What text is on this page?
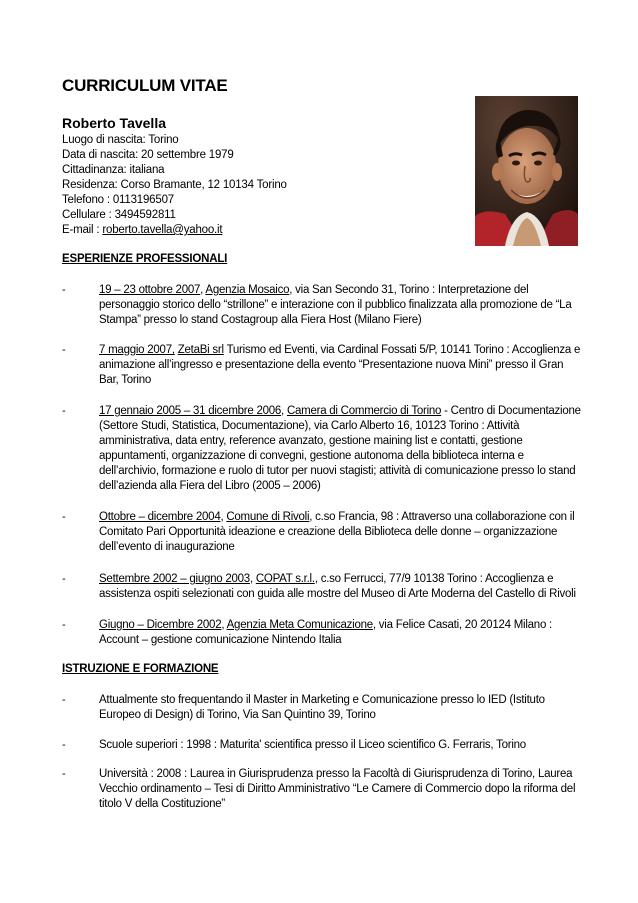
CURRICULUM VITAE
Roberto Tavella
Luogo di nascita: Torino
Data di nascita: 20 settembre 1979
Cittadinanza: italiana
Residenza: Corso Bramante, 12 10134 Torino
Telefono : 0113196507
Cellulare : 3494592811
E-mail : roberto.tavella@yahoo.it
ESPERIENZE PROFESSIONALI
-	19 – 23 ottobre 2007, Agenzia Mosaico, via San Secondo 31, Torino : Interpretazione del personaggio storico dello “strillone” e interazione con il pubblico finalizzata alla promozione de “La Stampa” presso lo stand Costagroup alla Fiera Host (Milano Fiere)
-	7 maggio 2007, ZetaBi srl Turismo ed Eventi, via Cardinal Fossati 5/P, 10141 Torino : Accoglienza e animazione all’ingresso e presentazione della evento “Presentazione nuova Mini” presso il Gran Bar, Torino
-	17 gennaio 2005 – 31 dicembre 2006, Camera di Commercio di Torino - Centro di Documentazione (Settore Studi, Statistica, Documentazione), via Carlo Alberto 16, 10123 Torino : Attività amministrativa, data entry, reference avanzato, gestione maining list e contatti, gestione appuntamenti, organizzazione di convegni, gestione autonoma della biblioteca interna e dell’archivio, formazione e ruolo di tutor per nuovi stagisti; attività di comunicazione presso lo stand dell’azienda alla Fiera del Libro (2005 – 2006)
-	Ottobre – dicembre 2004, Comune di Rivoli, c.so Francia, 98 : Attraverso una collaborazione con il Comitato Pari Opportunità ideazione e creazione della Biblioteca delle donne – organizzazione dell’evento di inaugurazione
-	Settembre 2002 – giugno 2003, COPAT s.r.l., c.so Ferrucci, 77/9 10138 Torino : Accoglienza e assistenza ospiti selezionati con guida alle mostre del Museo di Arte Moderna del Castello di Rivoli
-	Giugno – Dicembre 2002, Agenzia Meta Comunicazione, via Felice Casati, 20 20124 Milano : Account – gestione comunicazione Nintendo Italia
ISTRUZIONE E FORMAZIONE
-	Attualmente sto frequentando il Master in Marketing e Comunicazione presso lo IED (Istituto Europeo di Design) di Torino, Via San Quintino 39, Torino
-	Scuole superiori : 1998 : Maturita' scientifica presso il Liceo scientifico G. Ferraris, Torino
-	Università : 2008 : Laurea in Giurisprudenza presso la Facoltà di Giurisprudenza di Torino, Laurea Vecchio ordinamento – Tesi di Diritto Amministrativo “Le Camere di Commercio dopo la riforma del titolo V della Costituzione”
